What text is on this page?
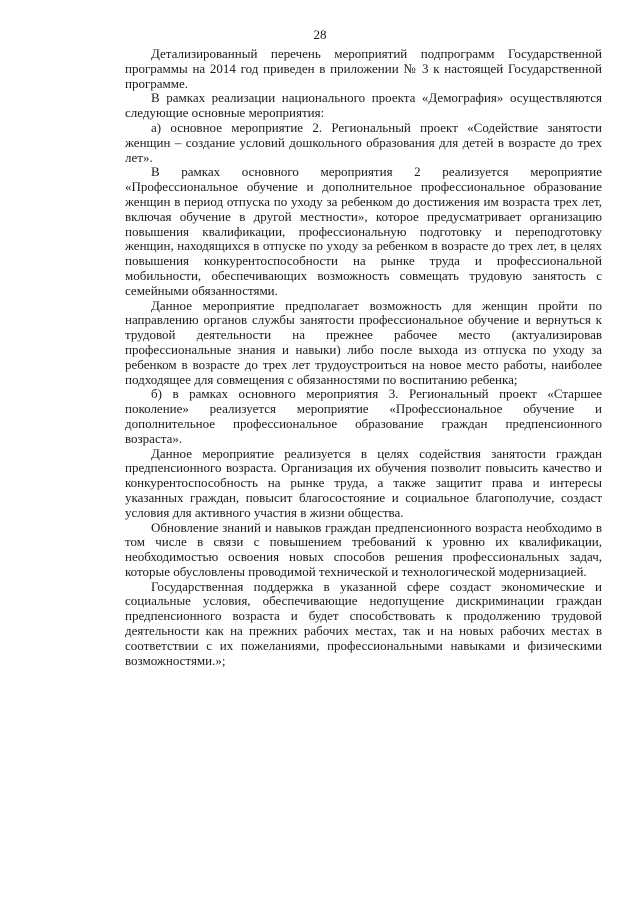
28

Детализированный перечень мероприятий подпрограмм Государственной программы на 2014 год приведен в приложении № 3 к настоящей Государственной программе.

В рамках реализации национального проекта «Демография» осуществляются следующие основные мероприятия:

а) основное мероприятие 2. Региональный проект «Содействие занятости женщин – создание условий дошкольного образования для детей в возрасте до трех лет».

В рамках основного мероприятия 2 реализуется мероприятие «Профессиональное обучение и дополнительное профессиональное образование женщин в период отпуска по уходу за ребенком до достижения им возраста трех лет, включая обучение в другой местности», которое предусматривает организацию повышения квалификации, профессиональную подготовку и переподготовку женщин, находящихся в отпуске по уходу за ребенком в возрасте до трех лет, в целях повышения конкурентоспособности на рынке труда и профессиональной мобильности, обеспечивающих возможность совмещать трудовую занятость с семейными обязанностями.

Данное мероприятие предполагает возможность для женщин пройти по направлению органов службы занятости профессиональное обучение и вернуться к трудовой деятельности на прежнее рабочее место (актуализировав профессиональные знания и навыки) либо после выхода из отпуска по уходу за ребенком в возрасте до трех лет трудоустроиться на новое место работы, наиболее подходящее для совмещения с обязанностями по воспитанию ребенка;

б) в рамках основного мероприятия 3. Региональный проект «Старшее поколение» реализуется мероприятие «Профессиональное обучение и дополнительное профессиональное образование граждан предпенсионного возраста».

Данное мероприятие реализуется в целях содействия занятости граждан предпенсионного возраста. Организация их обучения позволит повысить качество и конкурентоспособность на рынке труда, а также защитит права и интересы указанных граждан, повысит благосостояние и социальное благополучие, создаст условия для активного участия в жизни общества.

Обновление знаний и навыков граждан предпенсионного возраста необходимо в том числе в связи с повышением требований к уровню их квалификации, необходимостью освоения новых способов решения профессиональных задач, которые обусловлены проводимой технической и технологической модернизацией.

Государственная поддержка в указанной сфере создаст экономические и социальные условия, обеспечивающие недопущение дискриминации граждан предпенсионного возраста и будет способствовать к продолжению трудовой деятельности как на прежних рабочих местах, так и на новых рабочих местах в соответствии с их пожеланиями, профессиональными навыками и физическими возможностями.»;
